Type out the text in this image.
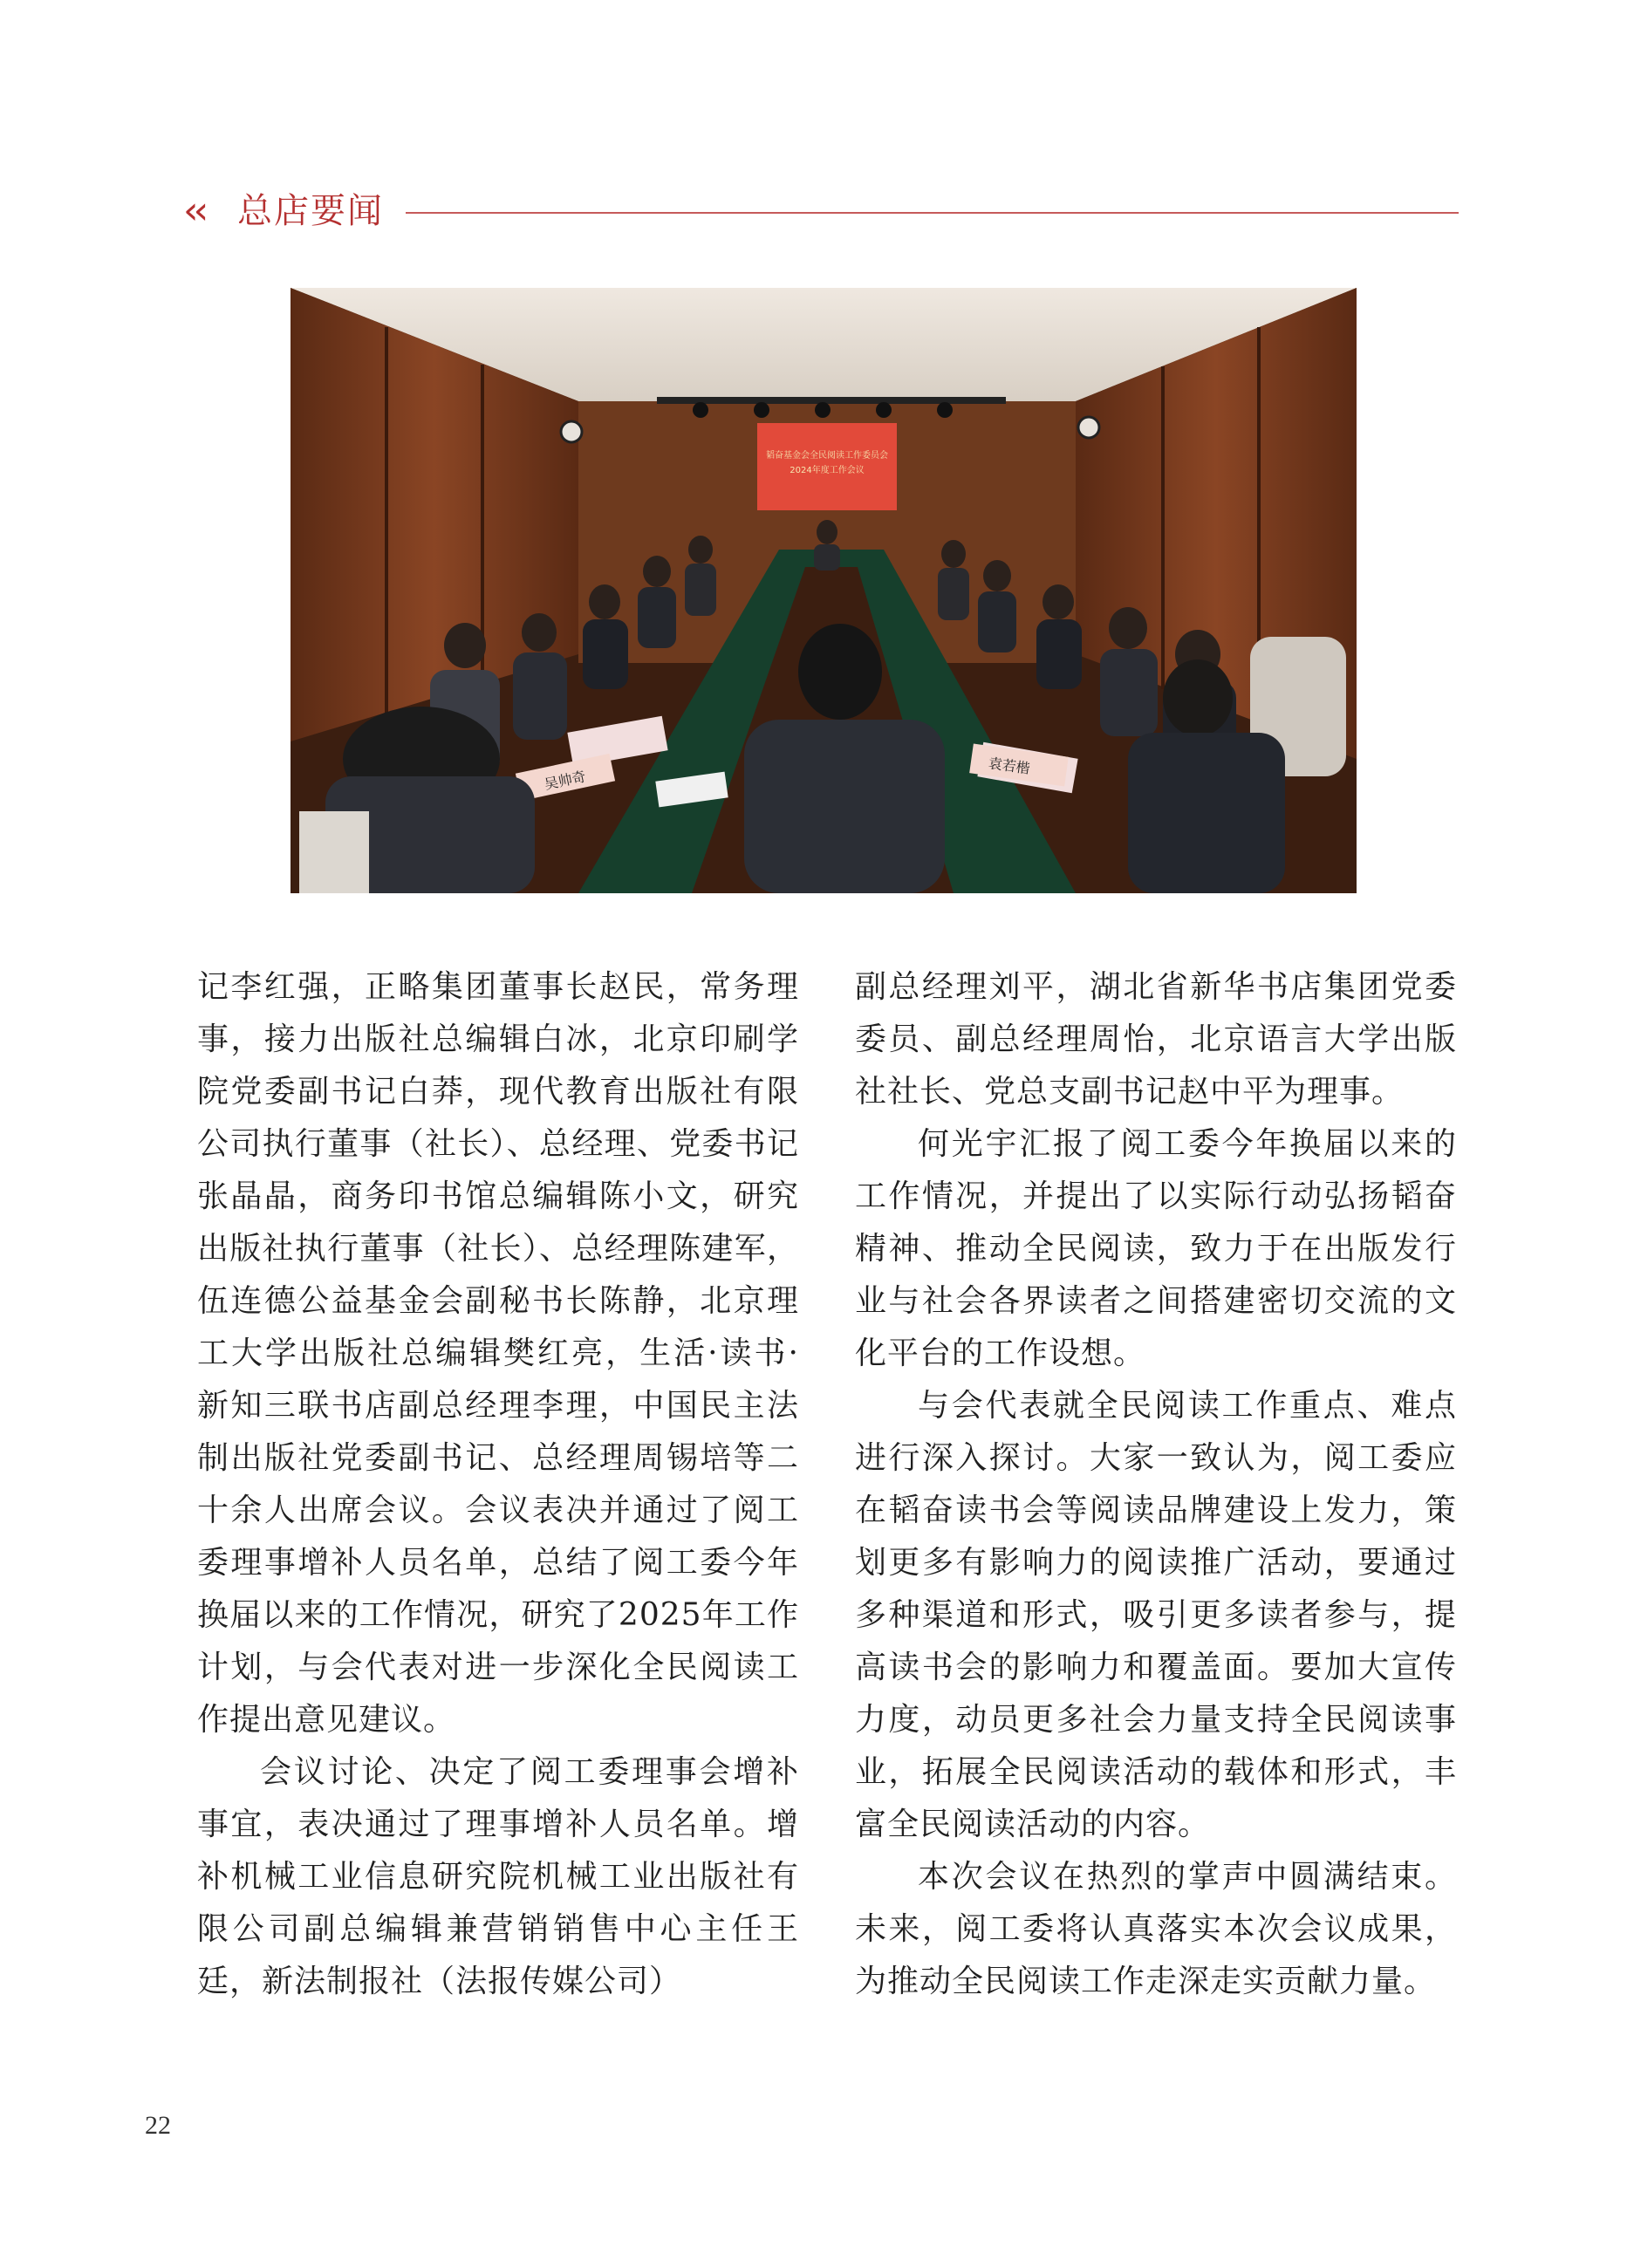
‹‹ 总店要闻
韬奋基金会全民阅读工作委员会
2024年度工作会议
吴帅奇
袁若楷

记李红强，正略集团董事长赵民，常务理事，接力出版社总编辑白冰，北京印刷学院党委副书记白莽，现代教育出版社有限公司执行董事（社长）、总经理、党委书记张晶晶，商务印书馆总编辑陈小文，研究出版社执行董事（社长）、总经理陈建军，伍连德公益基金会副秘书长陈静，北京理工大学出版社总编辑樊红亮，生活·读书·新知三联书店副总经理李理，中国民主法制出版社党委副书记、总经理周锡培等二十余人出席会议。会议表决并通过了阅工委理事增补人员名单，总结了阅工委今年换届以来的工作情况，研究了2025年工作计划，与会代表对进一步深化全民阅读工作提出意见建议。

会议讨论、决定了阅工委理事会增补事宜，表决通过了理事增补人员名单。增补机械工业信息研究院机械工业出版社有限公司副总编辑兼营销销售中心主任王廷，新法制报社（法报传媒公司）

副总经理刘平，湖北省新华书店集团党委委员、副总经理周怡，北京语言大学出版社社长、党总支副书记赵中平为理事。

何光宇汇报了阅工委今年换届以来的工作情况，并提出了以实际行动弘扬韬奋精神、推动全民阅读，致力于在出版发行业与社会各界读者之间搭建密切交流的文化平台的工作设想。

与会代表就全民阅读工作重点、难点进行深入探讨。大家一致认为，阅工委应在韬奋读书会等阅读品牌建设上发力，策划更多有影响力的阅读推广活动，要通过多种渠道和形式，吸引更多读者参与，提高读书会的影响力和覆盖面。要加大宣传力度，动员更多社会力量支持全民阅读事业，拓展全民阅读活动的载体和形式，丰富全民阅读活动的内容。

本次会议在热烈的掌声中圆满结束。未来，阅工委将认真落实本次会议成果，为推动全民阅读工作走深走实贡献力量。

22
